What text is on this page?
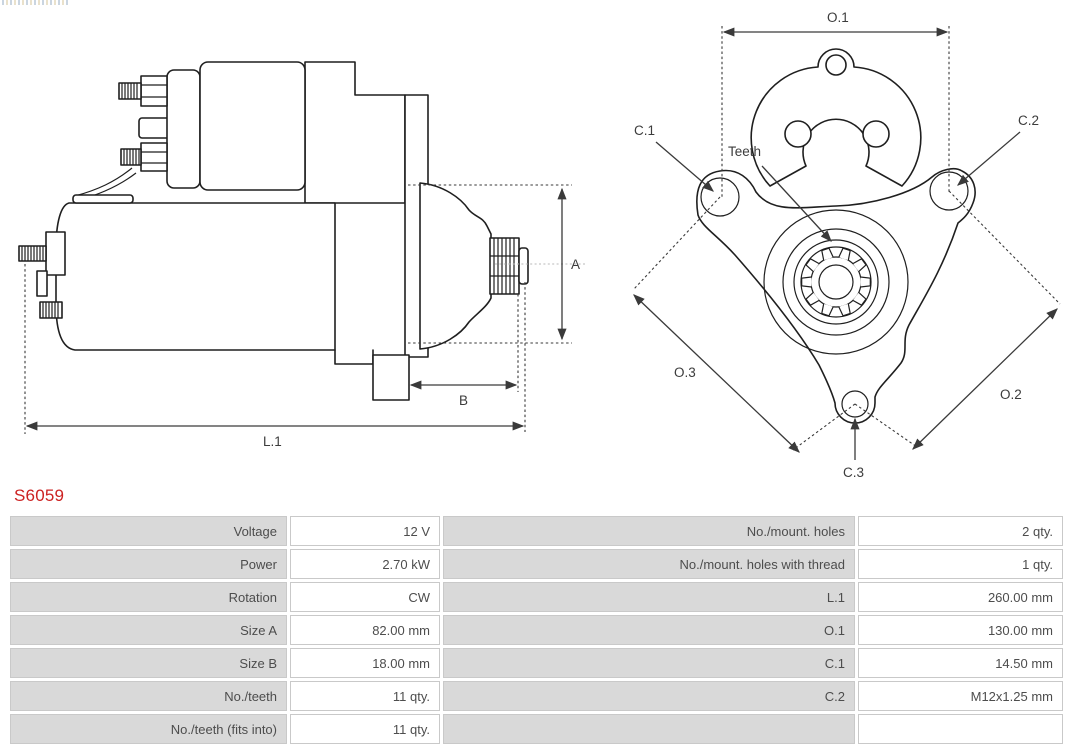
A
B
L.1
O.1
O.3
O.2
C.1
C.2
C.3
Teeth
S6059
Voltage	12 V	No./mount. holes	2 qty.
Power	2.70 kW	No./mount. holes with thread	1 qty.
Rotation	CW	L.1	260.00 mm
Size A	82.00 mm	O.1	130.00 mm
Size B	18.00 mm	C.1	14.50 mm
No./teeth	11 qty.	C.2	M12x1.25 mm
No./teeth (fits into)	11 qty.
